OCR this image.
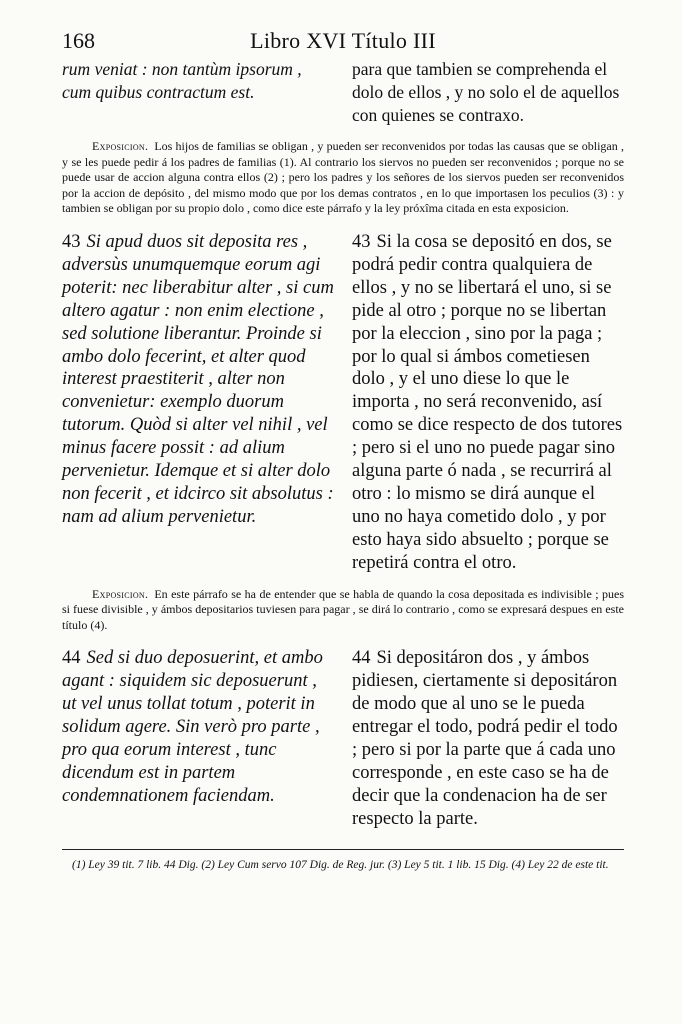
168	Libro XVI Título III
rum veniat : non tantùm ipsorum , cum quibus contractum est.
para que tambien se comprehenda el dolo de ellos , y no solo el de aquellos con quienes se contraxo.

Exposicion. Los hijos de familias se obligan , y pueden ser reconvenidos por todas las causas que se obligan , y se les puede pedir á los padres de familias (1). Al contrario los siervos no pueden ser reconvenidos ; porque no se puede usar de accion alguna contra ellos (2) ; pero los padres y los señores de los siervos pueden ser reconvenidos por la accion de depósito , del mismo modo que por los demas contratos , en lo que importasen los peculios (3) : y tambien se obligan por su propio dolo , como dice este párrafo y la ley próxîma citada en esta exposicion.

43 Si apud duos sit deposita res , adversùs unumquemque eorum agi poterit: nec liberabitur alter , si cum altero agatur : non enim electione , sed solutione liberantur. Proinde si ambo dolo fecerint, et alter quod interest praestiterit , alter non convenietur: exemplo duorum tutorum. Quòd si alter vel nihil , vel minus facere possit : ad alium pervenietur. Idemque et si alter dolo non fecerit , et idcirco sit absolutus : nam ad alium pervenietur.
43 Si la cosa se depositó en dos, se podrá pedir contra qualquiera de ellos , y no se libertará el uno, si se pide al otro ; porque no se libertan por la eleccion , sino por la paga ; por lo qual si ámbos cometiesen dolo , y el uno diese lo que le importa , no será reconvenido, así como se dice respecto de dos tutores ; pero si el uno no puede pagar sino alguna parte ó nada , se recurrirá al otro : lo mismo se dirá aunque el uno no haya cometido dolo , y por esto haya sido absuelto ; porque se repetirá contra el otro.

Exposicion. En este párrafo se ha de entender que se habla de quando la cosa depositada es indivisible ; pues si fuese divisible , y ámbos depositarios tuviesen para pagar , se dirá lo contrario , como se expresará despues en este título (4).

44 Sed si duo deposuerint, et ambo agant : siquidem sic deposuerunt , ut vel unus tollat totum , poterit in solidum agere. Sin verò pro parte , pro qua eorum interest , tunc dicendum est in partem condemnationem faciendam.
44 Si depositáron dos , y ámbos pidiesen, ciertamente si depositáron de modo que al uno se le pueda entregar el todo, podrá pedir el todo ; pero si por la parte que á cada uno corresponde , en este caso se ha de decir que la condenacion ha de ser respecto la parte.
(1) Ley 39 tit. 7 lib. 44 Dig. (2) Ley Cum servo 107 Dig. de Reg. jur. (3) Ley 5 tit. 1 lib. 15 Dig. (4) Ley 22 de este tit.
